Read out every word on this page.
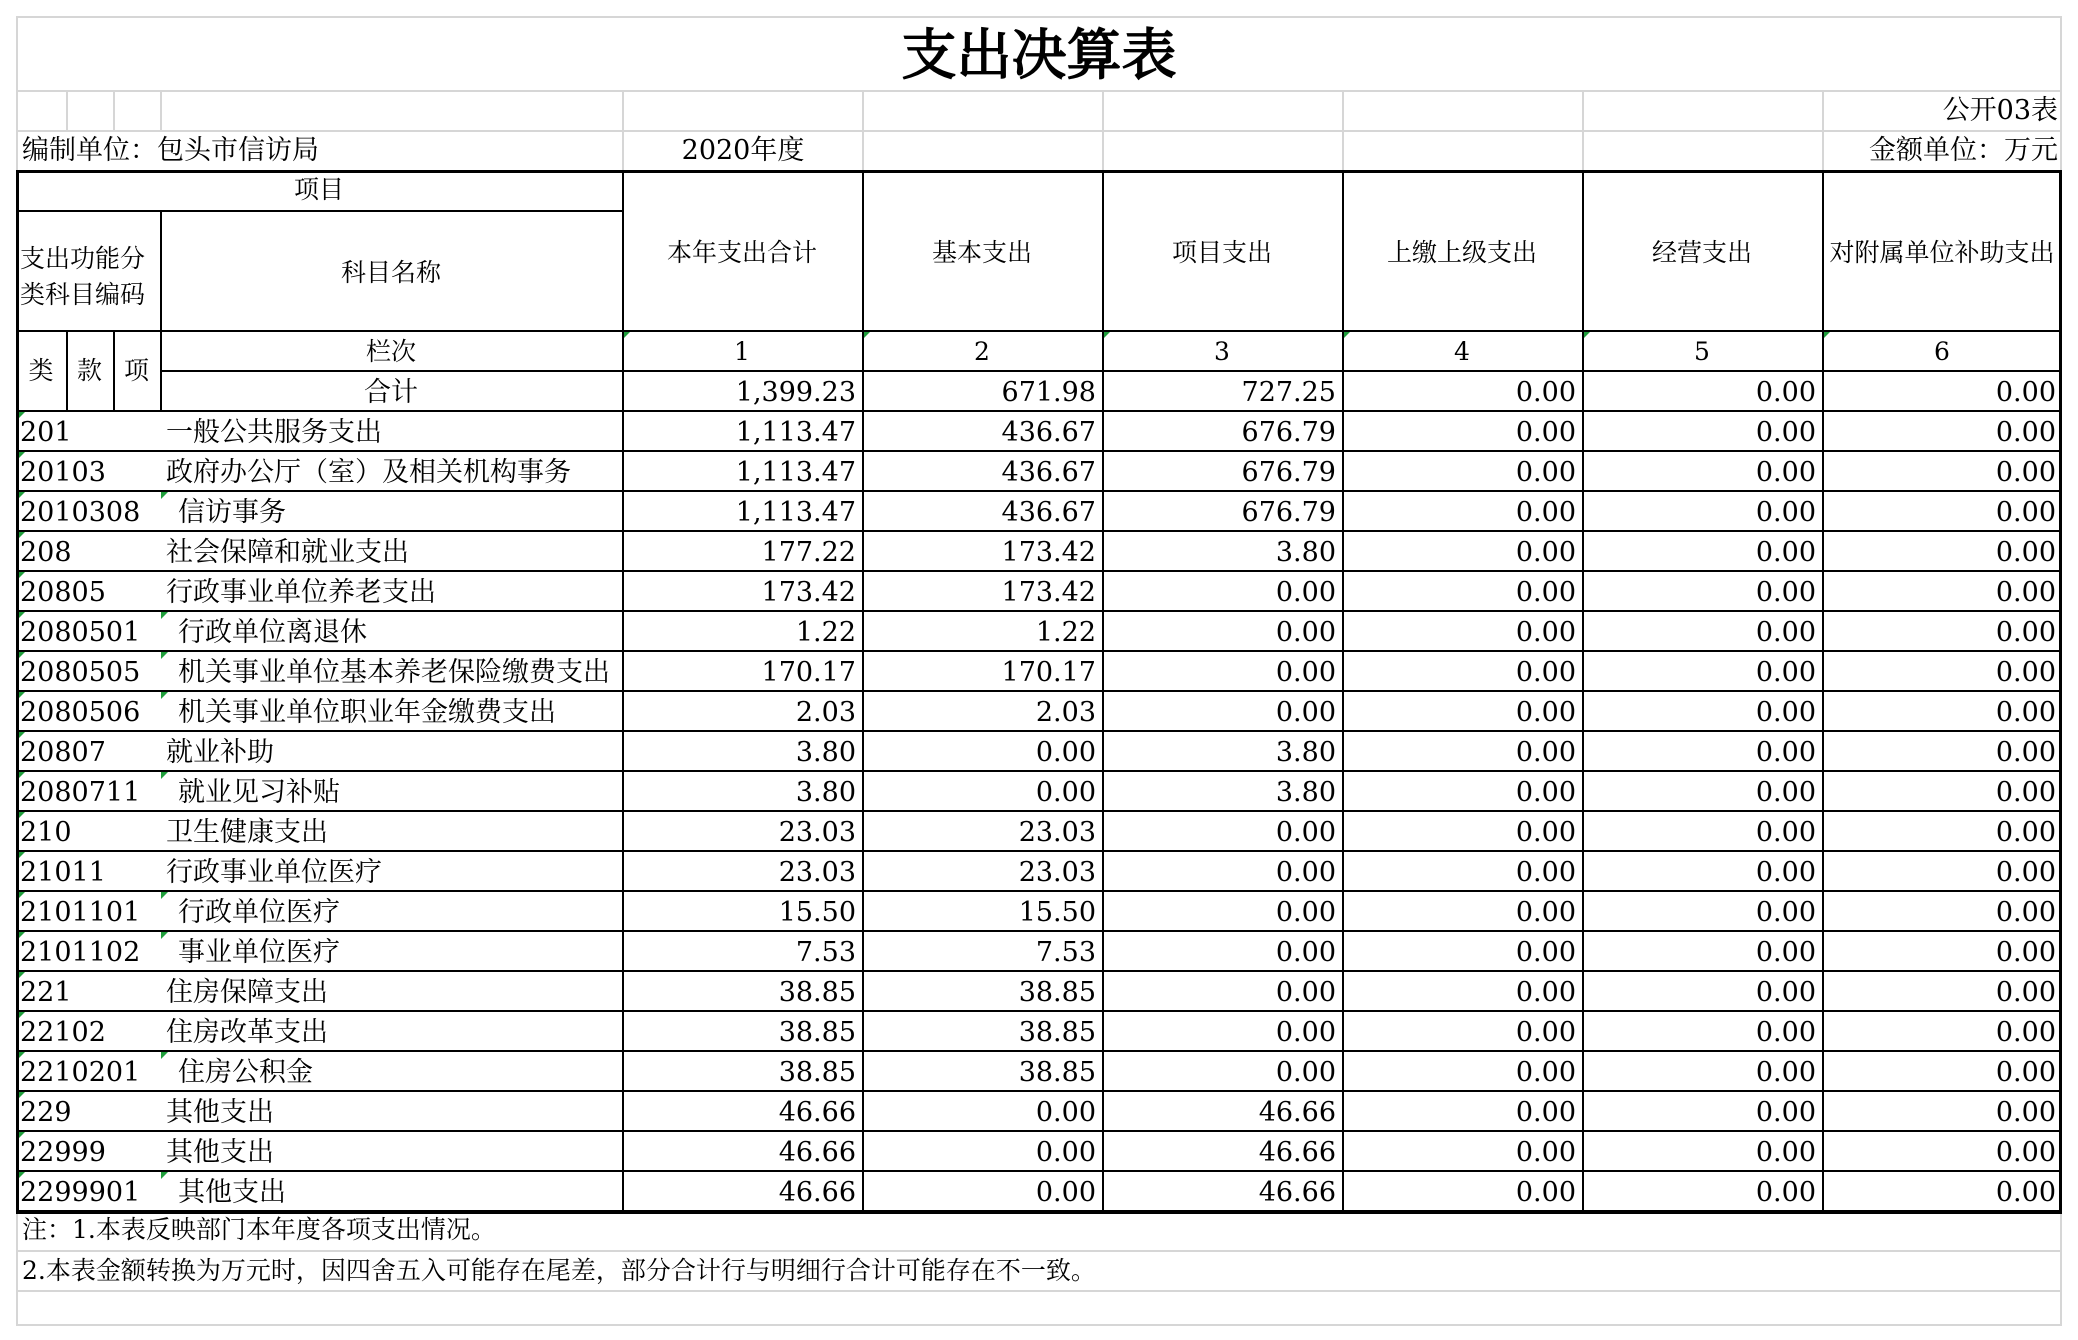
支出决算表
公开03表
编制单位：包头市信访局	2020年度	金额单位：万元
项目
支出功能分类科目编码
科目名称
本年支出合计	基本支出	项目支出	上缴上级支出	经营支出	对附属单位补助支出
类 款 项
栏次	1	2	3	4	5	6
合计	1,399.23	671.98	727.25	0.00	0.00	0.00
201	一般公共服务支出	1,113.47	436.67	676.79	0.00	0.00	0.00
20103 政府办公厅（室）及相关机构事务	1,113.47	436.67	676.79	0.00	0.00	0.00
2010308 信访事务	1,113.47	436.67	676.79	0.00	0.00	0.00
208	社会保障和就业支出	177.22	173.42	3.80	0.00	0.00	0.00
20805 行政事业单位养老支出	173.42	173.42	0.00	0.00	0.00	0.00
2080501 行政单位离退休	1.22	1.22	0.00	0.00	0.00	0.00
2080505 机关事业单位基本养老保险缴费支出	170.17	170.17	0.00	0.00	0.00	0.00
2080506 机关事业单位职业年金缴费支出	2.03	2.03	0.00	0.00	0.00	0.00
20807 就业补助	3.80	0.00	3.80	0.00	0.00	0.00
2080711 就业见习补贴	3.80	0.00	3.80	0.00	0.00	0.00
210	卫生健康支出	23.03	23.03	0.00	0.00	0.00	0.00
21011 行政事业单位医疗	23.03	23.03	0.00	0.00	0.00	0.00
2101101 行政单位医疗	15.50	15.50	0.00	0.00	0.00	0.00
2101102 事业单位医疗	7.53	7.53	0.00	0.00	0.00	0.00
221	住房保障支出	38.85	38.85	0.00	0.00	0.00	0.00
22102 住房改革支出	38.85	38.85	0.00	0.00	0.00	0.00
2210201 住房公积金	38.85	38.85	0.00	0.00	0.00	0.00
229	其他支出	46.66	0.00	46.66	0.00	0.00	0.00
22999 其他支出	46.66	0.00	46.66	0.00	0.00	0.00
2299901 其他支出	46.66	0.00	46.66	0.00	0.00	0.00
注：1.本表反映部门本年度各项支出情况。
2.本表金额转换为万元时，因四舍五入可能存在尾差，部分合计行与明细行合计可能存在不一致。
